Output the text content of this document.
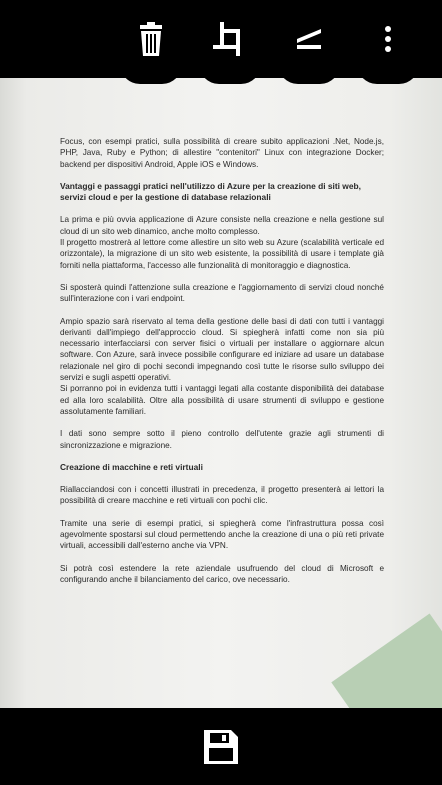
Focus, con esempi pratici, sulla possibilità di creare subito applicazioni .Net, Node.js, PHP, Java, Ruby e Python; di allestire "contenitori" Linux con integrazione Docker; backend per dispositivi Android, Apple iOS e Windows.

Vantaggi e passaggi pratici nell'utilizzo di Azure per la creazione di siti web, servizi cloud e per la gestione di database relazionali

La prima e più ovvia applicazione di Azure consiste nella creazione e nella gestione sul cloud di un sito web dinamico, anche molto complesso.
Il progetto mostrerà al lettore come allestire un sito web su Azure (scalabilità verticale ed orizzontale), la migrazione di un sito web esistente, la possibilità di usare i template già forniti nella piattaforma, l'accesso alle funzionalità di monitoraggio e diagnostica.

Si sposterà quindi l'attenzione sulla creazione e l'aggiornamento di servizi cloud nonché sull'interazione con i vari endpoint.

Ampio spazio sarà riservato al tema della gestione delle basi di dati con tutti i vantaggi derivanti dall'impiego dell'approccio cloud. Si spiegherà infatti come non sia più necessario interfacciarsi con server fisici o virtuali per installare o aggiornare alcun software. Con Azure, sarà invece possibile configurare ed iniziare ad usare un database relazionale nel giro di pochi secondi impegnando così tutte le risorse sullo sviluppo dei servizi e sugli aspetti operativi.
Si porranno poi in evidenza tutti i vantaggi legati alla costante disponibilità dei database ed alla loro scalabilità. Oltre alla possibilità di usare strumenti di sviluppo e gestione assolutamente familiari.

I dati sono sempre sotto il pieno controllo dell'utente grazie agli strumenti di sincronizzazione e migrazione.

Creazione di macchine e reti virtuali

Riallacciandosi con i concetti illustrati in precedenza, il progetto presenterà ai lettori la possibilità di creare macchine e reti virtuali con pochi clic.

Tramite una serie di esempi pratici, si spiegherà come l'infrastruttura possa così agevolmente spostarsi sul cloud permettendo anche la creazione di una o più reti private virtuali, accessibili dall'esterno anche via VPN.

Si potrà così estendere la rete aziendale usufruendo del cloud di Microsoft e configurando anche il bilanciamento del carico, ove necessario.
